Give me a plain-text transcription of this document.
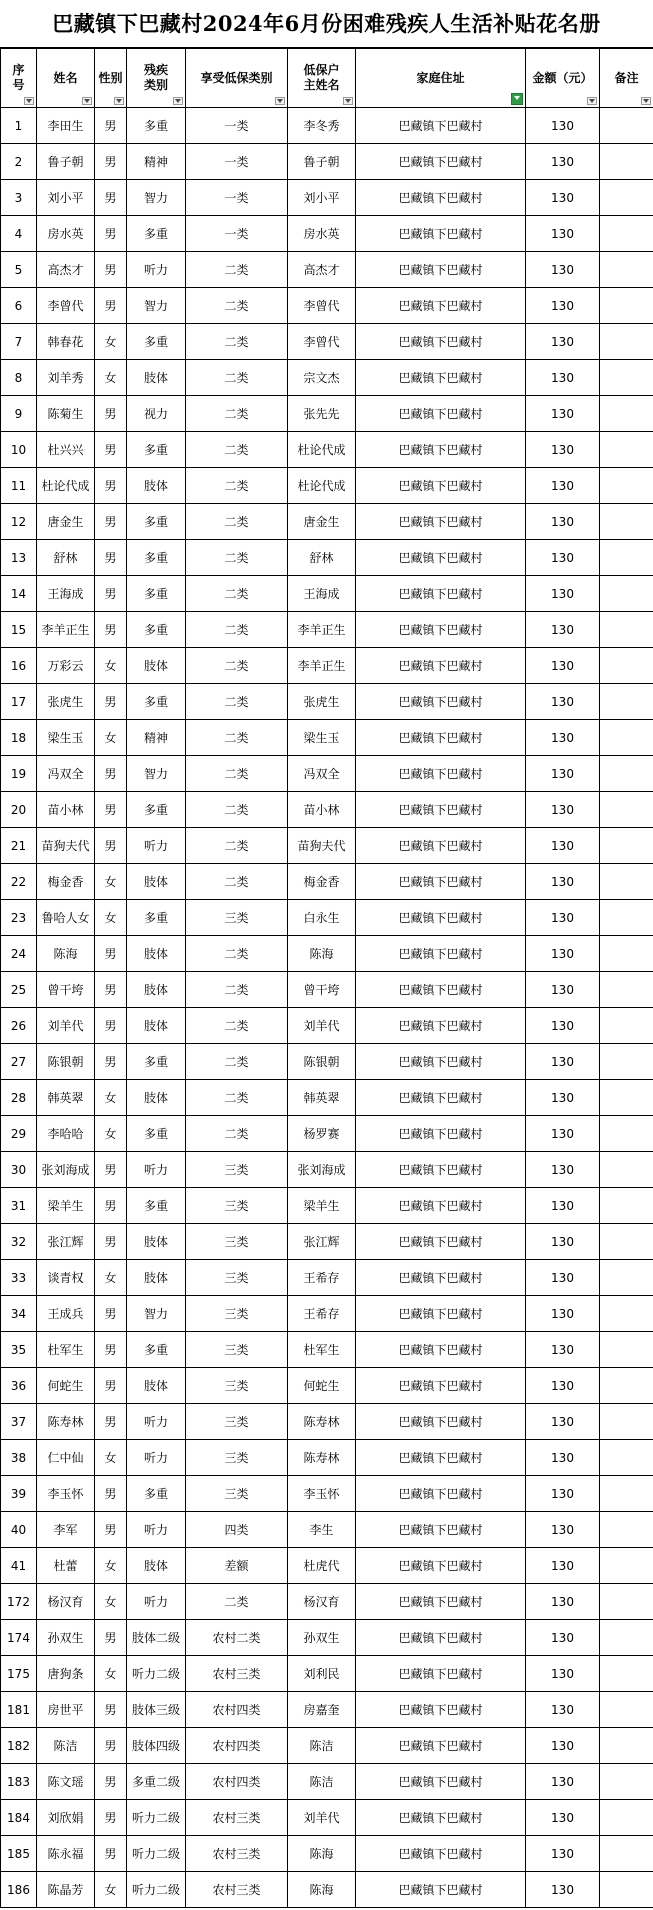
巴藏镇下巴藏村2024年6月份困难残疾人生活补贴花名册
序号	姓名	性别	残疾类别	享受低保类别	低保户主姓名	家庭住址	金额（元）	备注

1	李田生	男	多重	一类	李冬秀	巴藏镇下巴藏村	130	
2	鲁子朝	男	精神	一类	鲁子朝	巴藏镇下巴藏村	130	
3	刘小平	男	智力	一类	刘小平	巴藏镇下巴藏村	130	
4	房水英	男	多重	一类	房水英	巴藏镇下巴藏村	130	
5	高杰才	男	听力	二类	高杰才	巴藏镇下巴藏村	130	
6	李曾代	男	智力	二类	李曾代	巴藏镇下巴藏村	130	
7	韩春花	女	多重	二类	李曾代	巴藏镇下巴藏村	130	
8	刘羊秀	女	肢体	二类	宗文杰	巴藏镇下巴藏村	130	
9	陈菊生	男	视力	二类	张先先	巴藏镇下巴藏村	130	
10	杜兴兴	男	多重	二类	杜论代成	巴藏镇下巴藏村	130	
11	杜论代成	男	肢体	二类	杜论代成	巴藏镇下巴藏村	130	
12	唐金生	男	多重	二类	唐金生	巴藏镇下巴藏村	130	
13	舒林	男	多重	二类	舒林	巴藏镇下巴藏村	130	
14	王海成	男	多重	二类	王海成	巴藏镇下巴藏村	130	
15	李羊正生	男	多重	二类	李羊正生	巴藏镇下巴藏村	130	
16	万彩云	女	肢体	二类	李羊正生	巴藏镇下巴藏村	130	
17	张虎生	男	多重	二类	张虎生	巴藏镇下巴藏村	130	
18	梁生玉	女	精神	二类	梁生玉	巴藏镇下巴藏村	130	
19	冯双全	男	智力	二类	冯双全	巴藏镇下巴藏村	130	
20	苗小林	男	多重	二类	苗小林	巴藏镇下巴藏村	130	
21	苗狗夫代	男	听力	二类	苗狗夫代	巴藏镇下巴藏村	130	
22	梅金香	女	肢体	二类	梅金香	巴藏镇下巴藏村	130	
23	鲁哈人女	女	多重	三类	白永生	巴藏镇下巴藏村	130	
24	陈海	男	肢体	二类	陈海	巴藏镇下巴藏村	130	
25	曾干垮	男	肢体	二类	曾干垮	巴藏镇下巴藏村	130	
26	刘羊代	男	肢体	二类	刘羊代	巴藏镇下巴藏村	130	
27	陈银朝	男	多重	二类	陈银朝	巴藏镇下巴藏村	130	
28	韩英翠	女	肢体	二类	韩英翠	巴藏镇下巴藏村	130	
29	李哈哈	女	多重	二类	杨罗赛	巴藏镇下巴藏村	130	
30	张刘海成	男	听力	三类	张刘海成	巴藏镇下巴藏村	130	
31	梁羊生	男	多重	三类	梁羊生	巴藏镇下巴藏村	130	
32	张江辉	男	肢体	三类	张江辉	巴藏镇下巴藏村	130	
33	谈青权	女	肢体	三类	王希存	巴藏镇下巴藏村	130	
34	王成兵	男	智力	三类	王希存	巴藏镇下巴藏村	130	
35	杜军生	男	多重	三类	杜军生	巴藏镇下巴藏村	130	
36	何蛇生	男	肢体	三类	何蛇生	巴藏镇下巴藏村	130	
37	陈寿林	男	听力	三类	陈寿林	巴藏镇下巴藏村	130	
38	仁中仙	女	听力	三类	陈寿林	巴藏镇下巴藏村	130	
39	李玉怀	男	多重	三类	李玉怀	巴藏镇下巴藏村	130	
40	李军	男	听力	四类	李生	巴藏镇下巴藏村	130	
41	杜蕾	女	肢体	差额	杜虎代	巴藏镇下巴藏村	130	
172	杨汉育	女	听力	二类	杨汉育	巴藏镇下巴藏村	130	
174	孙双生	男	肢体二级	农村二类	孙双生	巴藏镇下巴藏村	130	
175	唐狗条	女	听力二级	农村三类	刘利民	巴藏镇下巴藏村	130	
181	房世平	男	肢体三级	农村四类	房嘉奎	巴藏镇下巴藏村	130	
182	陈洁	男	肢体四级	农村四类	陈洁	巴藏镇下巴藏村	130	
183	陈文瑶	男	多重二级	农村四类	陈洁	巴藏镇下巴藏村	130	
184	刘欣娟	男	听力二级	农村三类	刘羊代	巴藏镇下巴藏村	130	
185	陈永福	男	听力二级	农村三类	陈海	巴藏镇下巴藏村	130	
186	陈晶芳	女	听力二级	农村三类	陈海	巴藏镇下巴藏村	130	
